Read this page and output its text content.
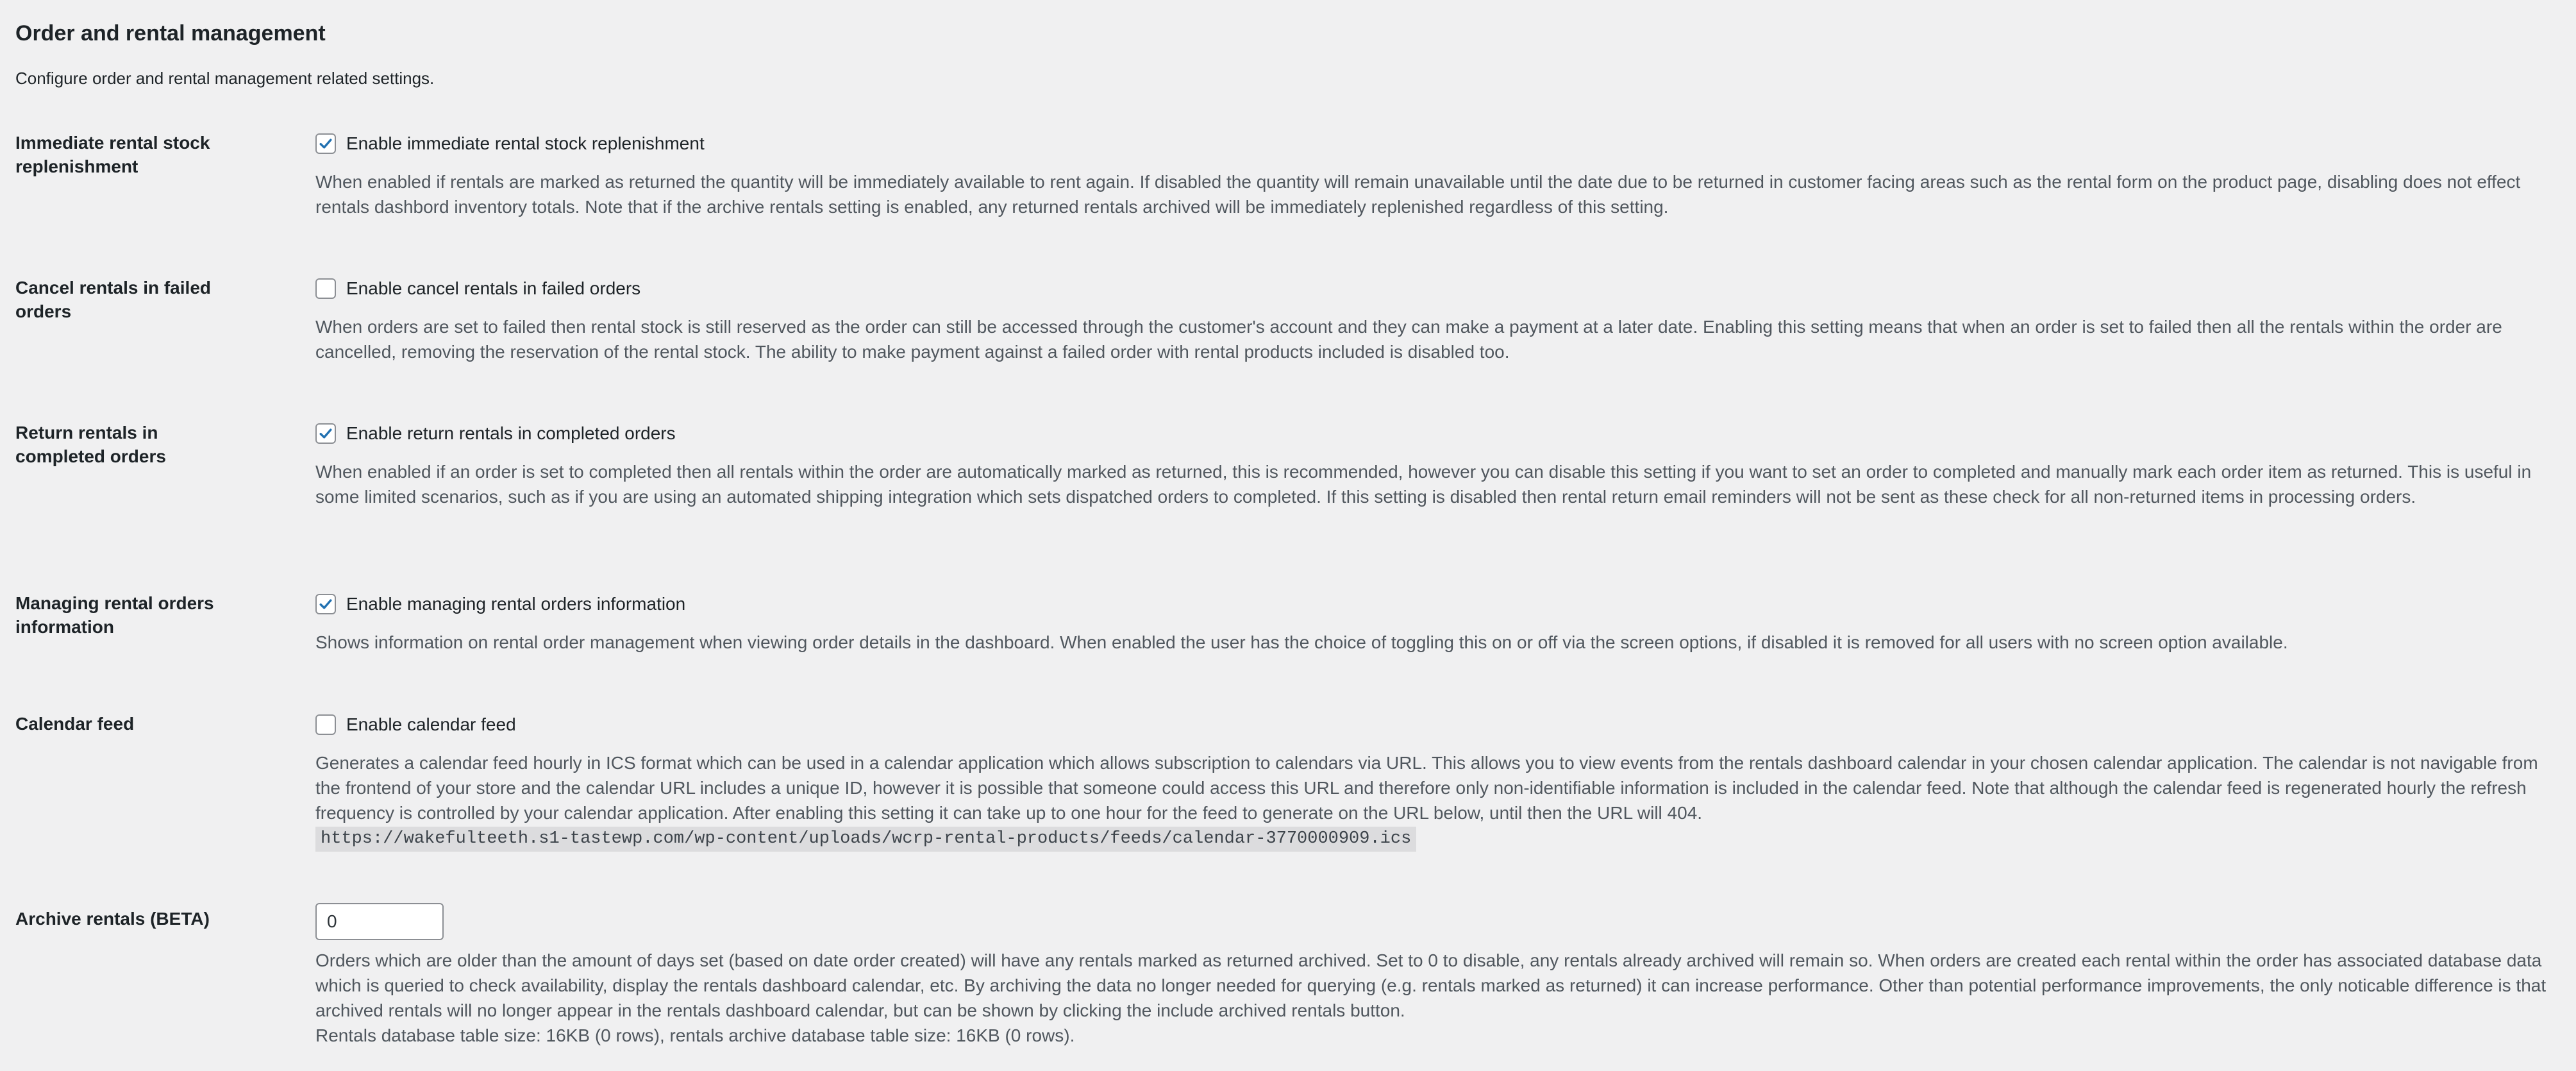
Order and rental management

Configure order and rental management related settings.

Immediate rental stock replenishment
Enable immediate rental stock replenishment

When enabled if rentals are marked as returned the quantity will be immediately available to rent again. If disabled the quantity will remain unavailable until the date due to be returned in customer facing areas such as the rental form on the product page, disabling does not effect rentals dashbord inventory totals. Note that if the archive rentals setting is enabled, any returned rentals archived will be immediately replenished regardless of this setting.

Cancel rentals in failed orders
Enable cancel rentals in failed orders

When orders are set to failed then rental stock is still reserved as the order can still be accessed through the customer's account and they can make a payment at a later date. Enabling this setting means that when an order is set to failed then all the rentals within the order are cancelled, removing the reservation of the rental stock. The ability to make payment against a failed order with rental products included is disabled too.

Return rentals in completed orders
Enable return rentals in completed orders

When enabled if an order is set to completed then all rentals within the order are automatically marked as returned, this is recommended, however you can disable this setting if you want to set an order to completed and manually mark each order item as returned. This is useful in some limited scenarios, such as if you are using an automated shipping integration which sets dispatched orders to completed. If this setting is disabled then rental return email reminders will not be sent as these check for all non-returned items in processing orders.

Managing rental orders information
Enable managing rental orders information

Shows information on rental order management when viewing order details in the dashboard. When enabled the user has the choice of toggling this on or off via the screen options, if disabled it is removed for all users with no screen option available.

Calendar feed	Enable calendar feed

Generates a calendar feed hourly in ICS format which can be used in a calendar application which allows subscription to calendars via URL. This allows you to view events from the rentals dashboard calendar in your chosen calendar application. The calendar is not navigable from the frontend of your store and the calendar URL includes a unique ID, however it is possible that someone could access this URL and therefore only non-identifiable information is included in the calendar feed. Note that although the calendar feed is regenerated hourly the refresh frequency is controlled by your calendar application. After enabling this setting it can take up to one hour for the feed to generate on the URL below, until then the URL will 404.

https://wakefulteeth.s1-tastewp.com/wp-content/uploads/wcrp-rental-products/feeds/calendar-3770000909.ics
Archive rentals (BETA)
0

Orders which are older than the amount of days set (based on date order created) will have any rentals marked as returned archived. Set to 0 to disable, any rentals already archived will remain so. When orders are created each rental within the order has associated database data which is queried to check availability, display the rentals dashboard calendar, etc. By archiving the data no longer needed for querying (e.g. rentals marked as returned) it can increase performance. Other than potential performance improvements, the only noticable difference is that archived rentals will no longer appear in the rentals dashboard calendar, but can be shown by clicking the include archived rentals button.

Rentals database table size: 16KB (0 rows), rentals archive database table size: 16KB (0 rows).
